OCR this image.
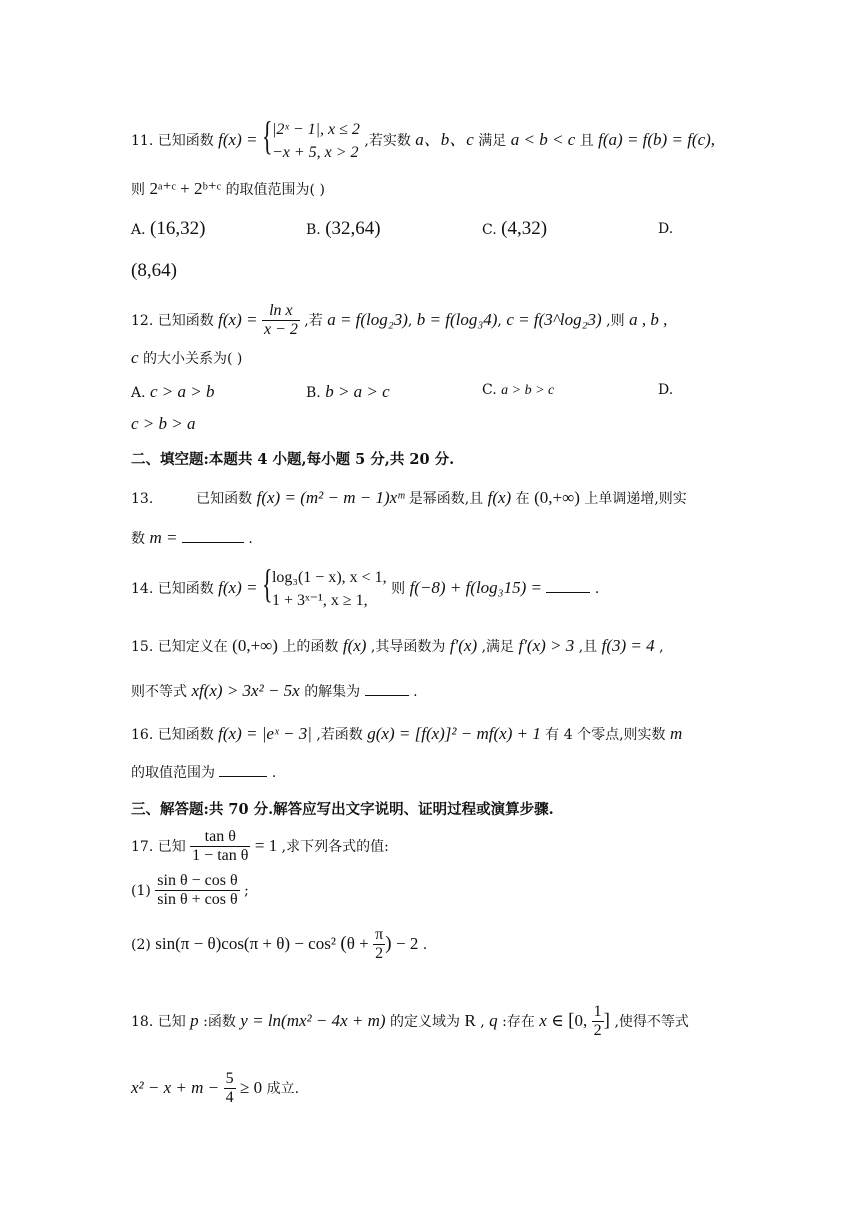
11. 已知函数 f(x) = { |2ˣ − 1|, x ≤ 2
−x + 5, x > 2
,若实数 a、b、c 满足 a < b < c 且 f(a) = f(b) = f(c),
则 2ᵃ⁺ᶜ + 2ᵇ⁺ᶜ 的取值范围为( )
A. (16,32)	B. (32,64)	C. (4,32)	D.
(8,64)
12. 已知函数 $f(x) = \frac{\text{ln x}}{x - 2}$ ,若 a = f(log₂3), b = f(log₃4), c = f(3^log₂3) ,则 a , b ,
c 的大小关系为( )
A. c > a > b	B. b > a > c	C. a > b > c	D.
c > b > a
二、填空题:本题共 4 小题,每小题 5 分,共 20 分.
13.	已知函数 f(x) = (m² − m − 1)xᵐ 是幂函数,且 f(x) 在 (0,+∞) 上单调递增,则实
数 m =	.
14. 已知函数 f(x) = { log₃(1 − x), x < 1,
1 + 3ˣ⁻¹, x ≥ 1,
则 f(−8) + f(log₃15) =	.
15. 已知定义在 (0,+∞) 上的函数 f(x) ,其导函数为 f′(x) ,满足 f′(x) > 3 ,且 f(3) = 4 ,
则不等式 xf(x) > 3x² − 5x 的解集为	.
16. 已知函数 f(x) = |eˣ − 3| ,若函数 g(x) = [f(x)]² − mf(x) + 1 有 4 个零点,则实数 m
的取值范围为	.
三、解答题:共 70 分.解答应写出文字说明、证明过程或演算步骤.
17. 已知 $\frac{\text{tan θ}}{\text{1 − tan θ}} = 1$ ,求下列各式的值:
$(1) \frac{\text{sin θ − cos θ}}{\text{sin θ + cos θ}}$ ;
(2) sin(π − θ)cos(π + θ) − cos² ($\theta + \frac{\pi}{2}$ ) − 2 .
18. 已知 p :函数 y = ln(mx² − 4x + m) 的定义域为 R , q :存在 x ∈ [0, $\frac{1}{2}$ ] ,使得不等式
$x^2 - x + m - \frac{5}{4} \ge 0$ 成立.
